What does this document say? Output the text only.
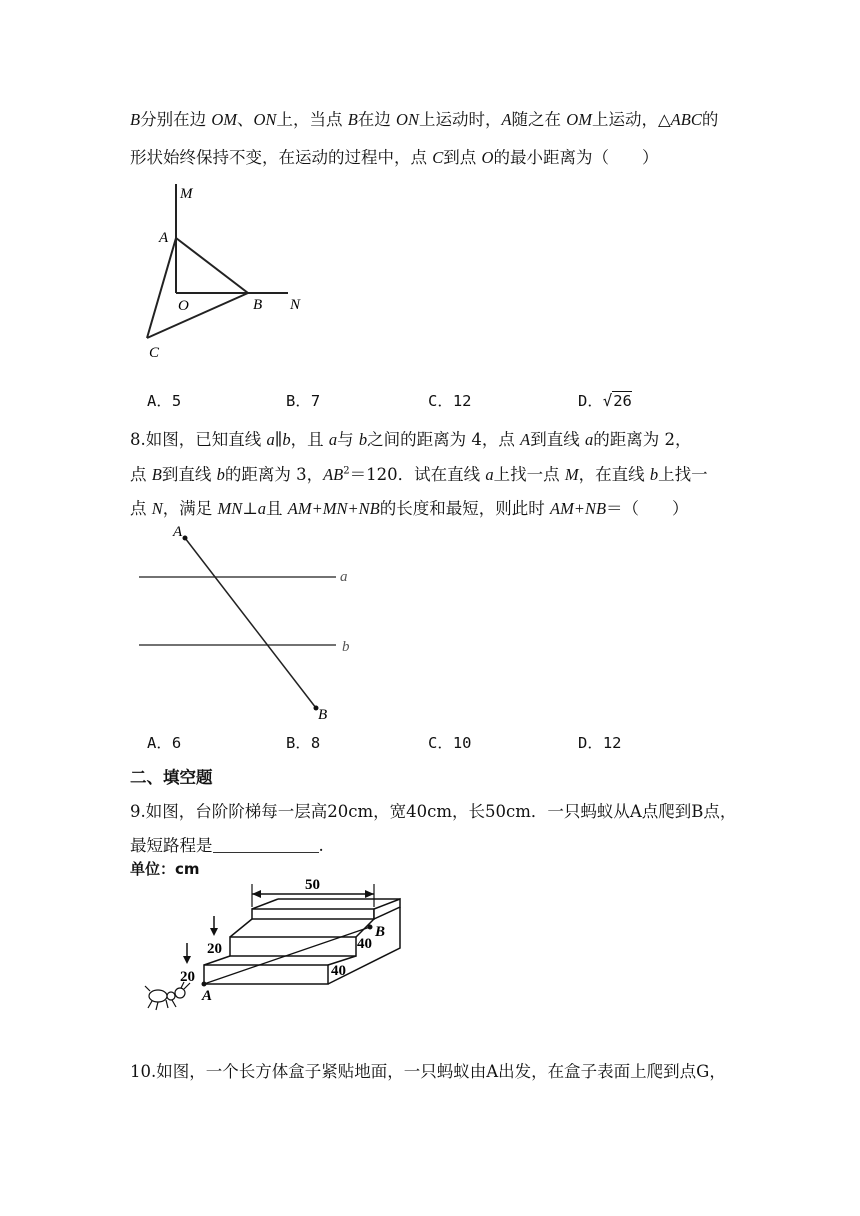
B分别在边 OM、ON上，当点 B在边 ON上运动时，A随之在 OM上运动，△ABC的
形状始终保持不变，在运动的过程中，点 C到点 O的最小距离为（　　）
M
A
O	B N
C
A．5	B．7	C．12	D．√26
8.如图，已知直线 a∥b，且 a与 b之间的距离为 4，点 A到直线 a的距离为 2，
点 B到直线 b的距离为 3，$AB^2=120$．试在直线 a上找一点 M，在直线 b上找一
点 N，满足 MN⊥a且 AM+MN+NB的长度和最短，则此时 AM+NB＝（　　）
A
a
b
B
A．6	B．8	C．10	D．12
二、填空题
9.如图，台阶阶梯每一层高20cm，宽40cm，长50cm．一只蚂蚁从A点爬到B点，
最短路程是	.
单位：cm
50
20
20
40
40
B
A
10.如图，一个长方体盒子紧贴地面，一只蚂蚁由A出发，在盒子表面上爬到点G，
